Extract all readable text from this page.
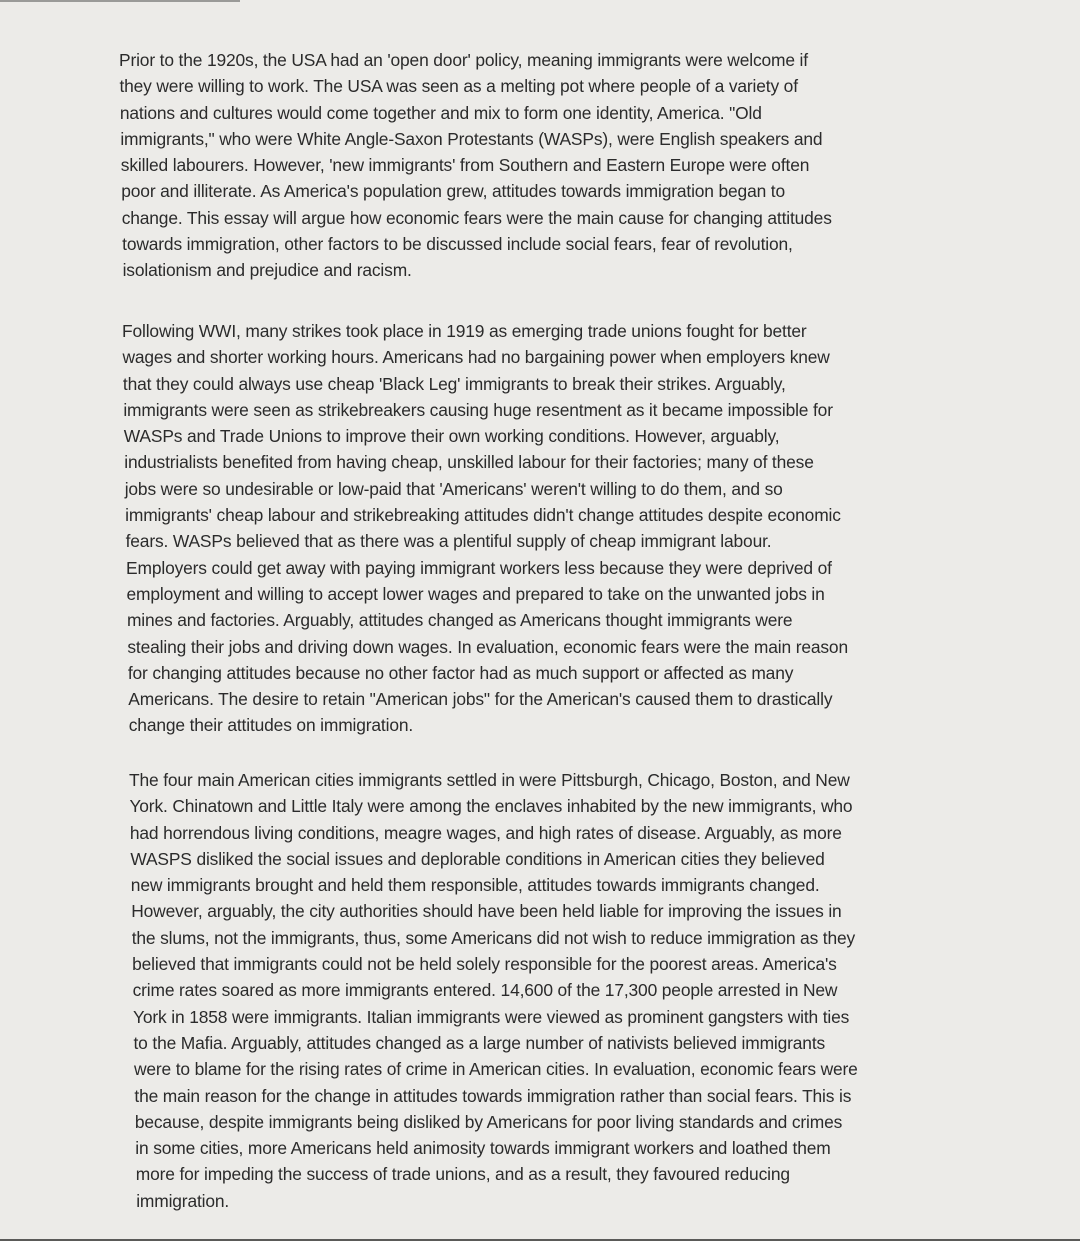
Prior to the 1920s, the USA had an 'open door' policy, meaning immigrants were welcome if
they were willing to work. The USA was seen as a melting pot where people of a variety of
nations and cultures would come together and mix to form one identity, America. "Old
immigrants," who were White Angle-Saxon Protestants (WASPs), were English speakers and
skilled labourers. However, 'new immigrants' from Southern and Eastern Europe were often
poor and illiterate. As America's population grew, attitudes towards immigration began to
change. This essay will argue how economic fears were the main cause for changing attitudes
towards immigration, other factors to be discussed include social fears, fear of revolution,
isolationism and prejudice and racism.
Following WWI, many strikes took place in 1919 as emerging trade unions fought for better
wages and shorter working hours. Americans had no bargaining power when employers knew
that they could always use cheap 'Black Leg' immigrants to break their strikes. Arguably,
immigrants were seen as strikebreakers causing huge resentment as it became impossible for
WASPs and Trade Unions to improve their own working conditions. However, arguably,
industrialists benefited from having cheap, unskilled labour for their factories; many of these
jobs were so undesirable or low-paid that 'Americans' weren't willing to do them, and so
immigrants' cheap labour and strikebreaking attitudes didn't change attitudes despite economic
fears. WASPs believed that as there was a plentiful supply of cheap immigrant labour.
Employers could get away with paying immigrant workers less because they were deprived of
employment and willing to accept lower wages and prepared to take on the unwanted jobs in
mines and factories. Arguably, attitudes changed as Americans thought immigrants were
stealing their jobs and driving down wages. In evaluation, economic fears were the main reason
for changing attitudes because no other factor had as much support or affected as many
Americans. The desire to retain "American jobs" for the American's caused them to drastically
change their attitudes on immigration.
The four main American cities immigrants settled in were Pittsburgh, Chicago, Boston, and New
York. Chinatown and Little Italy were among the enclaves inhabited by the new immigrants, who
had horrendous living conditions, meagre wages, and high rates of disease. Arguably, as more
WASPS disliked the social issues and deplorable conditions in American cities they believed
new immigrants brought and held them responsible, attitudes towards immigrants changed.
However, arguably, the city authorities should have been held liable for improving the issues in
the slums, not the immigrants, thus, some Americans did not wish to reduce immigration as they
believed that immigrants could not be held solely responsible for the poorest areas. America's
crime rates soared as more immigrants entered. 14,600 of the 17,300 people arrested in New
York in 1858 were immigrants. Italian immigrants were viewed as prominent gangsters with ties
to the Mafia. Arguably, attitudes changed as a large number of nativists believed immigrants
were to blame for the rising rates of crime in American cities. In evaluation, economic fears were
the main reason for the change in attitudes towards immigration rather than social fears. This is
because, despite immigrants being disliked by Americans for poor living standards and crimes
in some cities, more Americans held animosity towards immigrant workers and loathed them
more for impeding the success of trade unions, and as a result, they favoured reducing
immigration.
